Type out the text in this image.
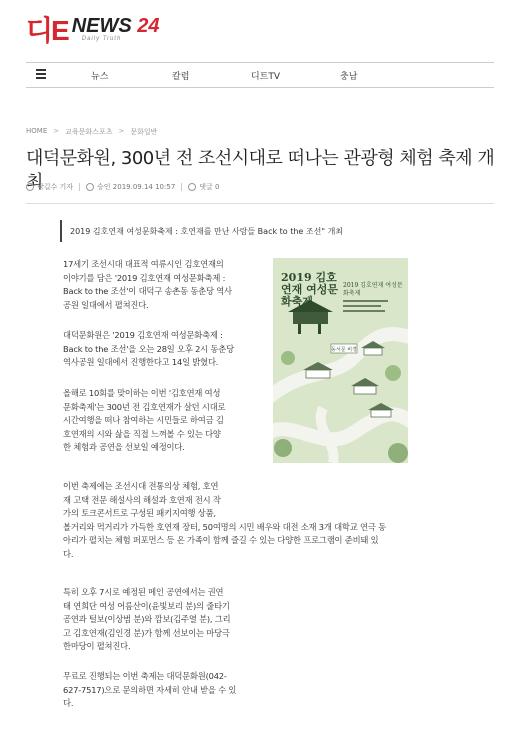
디E NEWS 24
Daily Truth
뉴스	칼럼	디트TV	충남
HOME > 교육문화스포츠 > 문화일반
대덕문화원, 300년 전 조선시대로 떠나는 관광형 체험 축제 개최
박길수 기자	승인 2019.09.14 10:57	댓글 0
2019 김호연재 여성문화축제 : 호연재를 만난 사람들 Back to the 조선" 개최
동서문 비경
2019 김호연재 여성문화축제
2019 김호연재 여성문화축제
17세기 조선시대 대표적 여류시인 김호연재의
이야기를 담은 '2019 김호연재 여성문화축제 :
Back to the 조선'이 대덕구 송촌동 동춘당 역사
공원 일대에서 펼쳐진다.
대덕문화원은 '2019 김호연재 여성문화축제 :
Back to the 조선'을 오는 28일 오후 2시 동춘당
역사공원 일대에서 진행한다고 14일 밝혔다.
올해로 10회를 맞이하는 이번 '김호연재 여성
문화축제'는 300년 전 김호연재가 살던 시대로
시간여행을 떠나 참여하는 시민들로 하여금 김
호연재의 시와 삶을 직접 느껴볼 수 있는 다양
한 체험과 공연을 선보일 예정이다.
이번 축제에는 조선시대 전통의상 체험, 호연
재 고택 전문 해설사의 해설과 호연재 전시 작
가의 토크콘서트로 구성된 패키지여행 상품,
볼거리와 먹거리가 가득한 호연재 장터, 50여명의 시민 배우와 대전 소재 3개 대학교 연극 동
아리가 펼치는 체험 퍼포먼스 등 온 가족이 함께 즐길 수 있는 다양한 프로그램이 준비돼 있
다.
특히 오후 7시로 예정된 메인 공연에서는 권연
태 연희단 여성 어름산이(윤빛보리 분)의 줄타기
공연과 털보(이상범 분)와 깜보(김주열 분), 그리
고 김호연재(김인경 분)가 함께 선보이는 마당극
한마당이 펼쳐진다.
무료로 진행되는 이번 축제는 대덕문화원(042-
627-7517)으로 문의하면 자세히 안내 받을 수 있
다.
